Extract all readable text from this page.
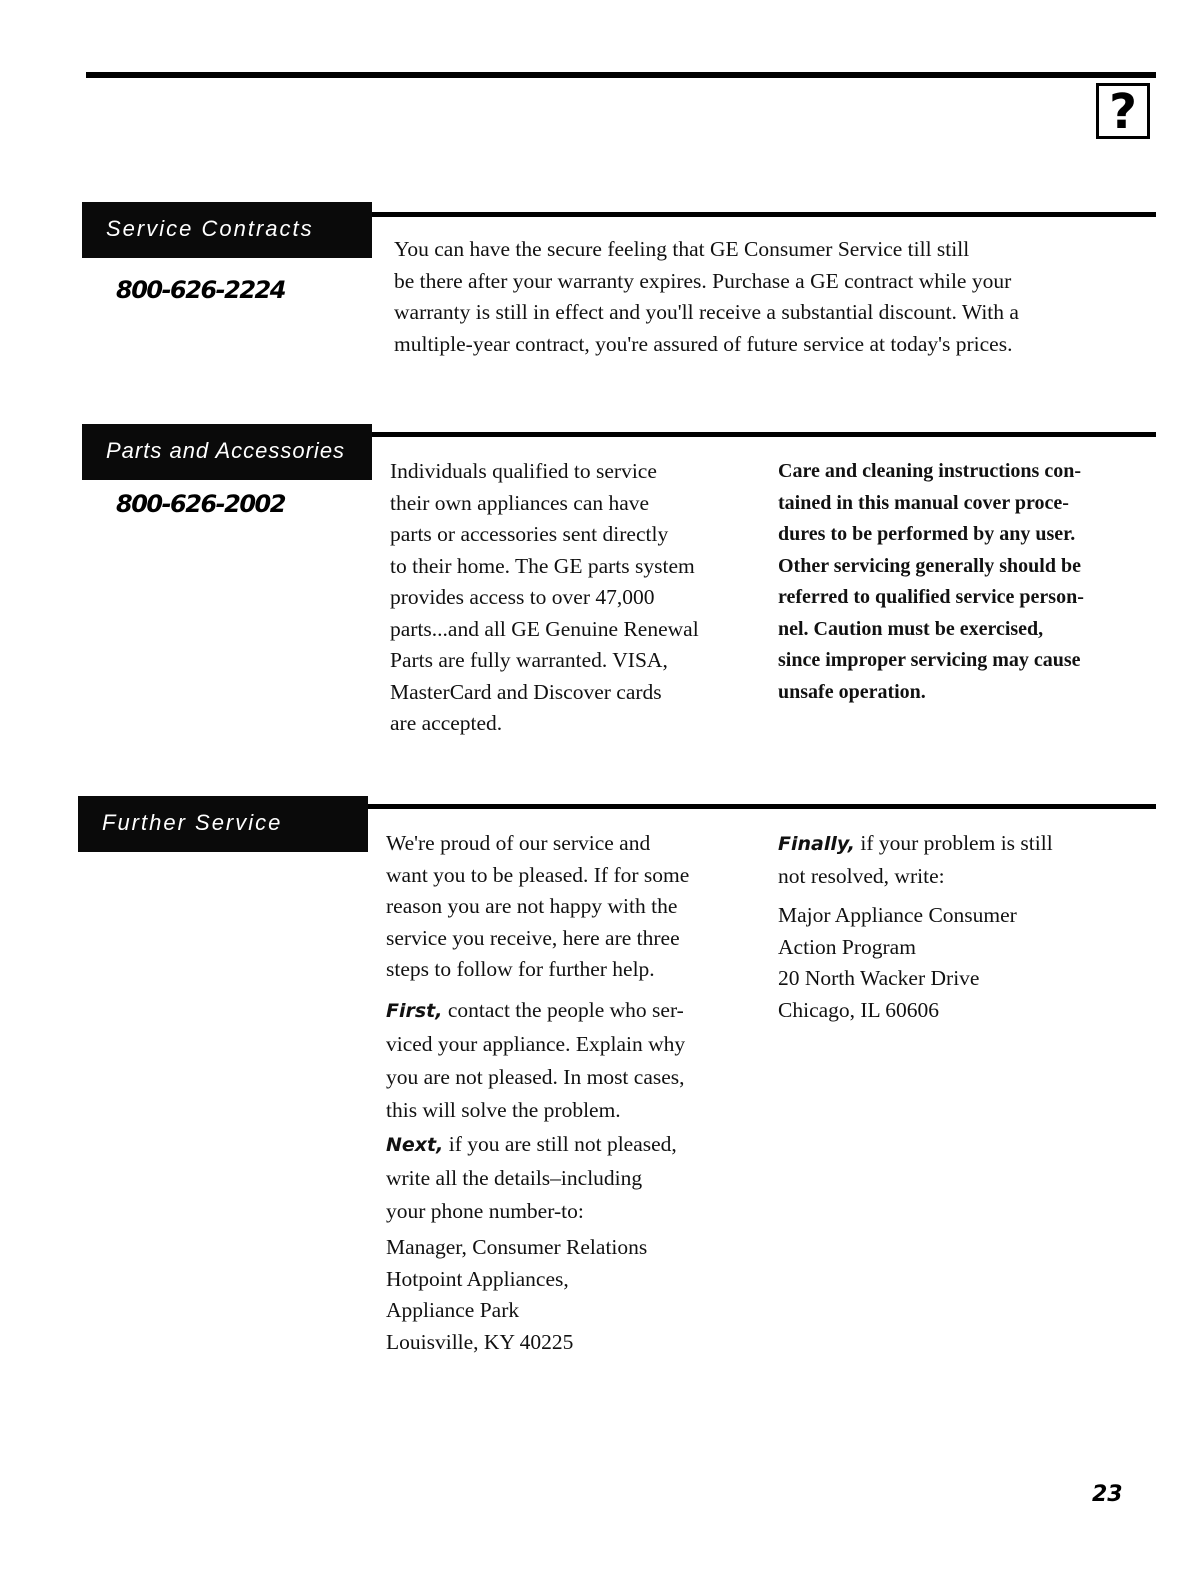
?
Service Contracts
800-626-2224
You can have the secure feeling that GE Consumer Service till still
be there after your warranty expires. Purchase a GE contract while your
warranty is still in effect and you'll receive a substantial discount. With a
multiple-year contract, you're assured of future service at today's prices.
Parts and Accessories
800-626-2002
Individuals qualified to service
their own appliances can have
parts or accessories sent directly
to their home. The GE parts system
provides access to over 47,000
parts...and all GE Genuine Renewal
Parts are fully warranted. VISA,
MasterCard and Discover cards
are accepted.
Care and cleaning instructions con-
tained in this manual cover proce-
dures to be performed by any user.
Other servicing generally should be
referred to qualified service person-
nel. Caution must be exercised,
since improper servicing may cause
unsafe operation.
Further Service
We're proud of our service and
want you to be pleased. If for some
reason you are not happy with the
service you receive, here are three
steps to follow for further help.
First, contact the people who ser-
viced your appliance. Explain why
you are not pleased. In most cases,
this will solve the problem.
Next, if you are still not pleased,
write all the details–including
your phone number-to:
Manager, Consumer Relations
Hotpoint Appliances,
Appliance Park
Louisville, KY 40225
Finally, if your problem is still
not resolved, write:
Major Appliance Consumer
Action Program
20 North Wacker Drive
Chicago, IL 60606
23
